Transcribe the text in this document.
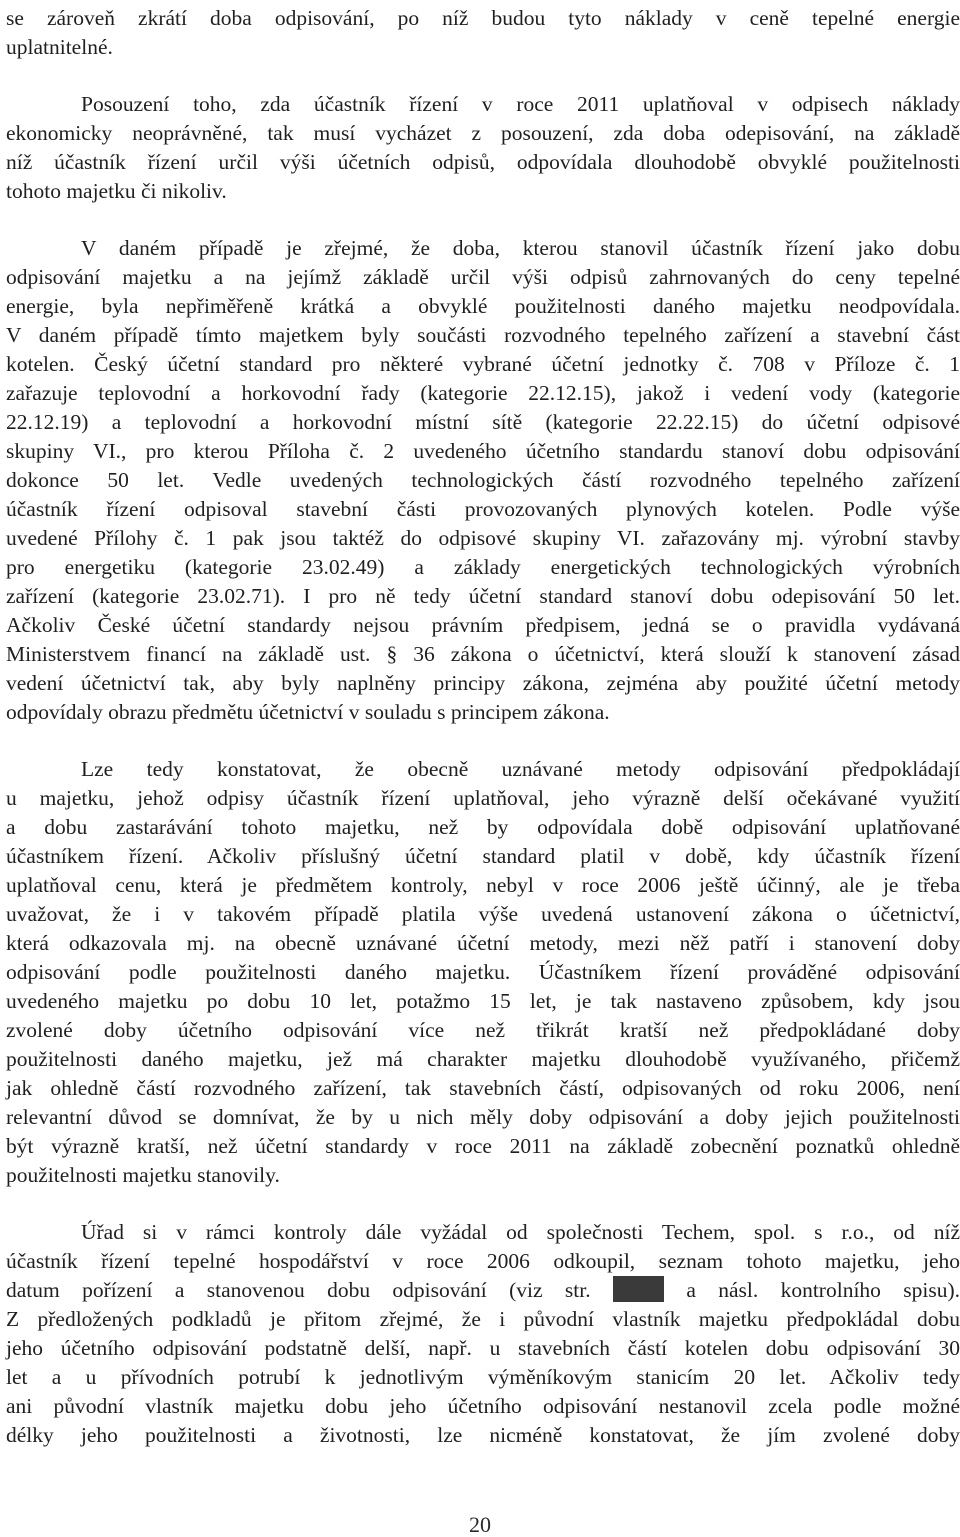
se zároveň zkrátí doba odpisování, po níž budou tyto náklady v ceně tepelné energie
uplatnitelné.

Posouzení toho, zda účastník řízení v roce 2011 uplatňoval v odpisech náklady
ekonomicky neoprávněné, tak musí vycházet z posouzení, zda doba odepisování, na základě
níž účastník řízení určil výši účetních odpisů, odpovídala dlouhodobě obvyklé použitelnosti
tohoto majetku či nikoliv.

V daném případě je zřejmé, že doba, kterou stanovil účastník řízení jako dobu
odpisování majetku a na jejímž základě určil výši odpisů zahrnovaných do ceny tepelné
energie, byla nepřiměřeně krátká a obvyklé použitelnosti daného majetku neodpovídala.
V daném případě tímto majetkem byly součásti rozvodného tepelného zařízení a stavební část
kotelen. Český účetní standard pro některé vybrané účetní jednotky č. 708 v Příloze č. 1
zařazuje teplovodní a horkovodní řady (kategorie 22.12.15), jakož i vedení vody (kategorie
22.12.19) a teplovodní a horkovodní místní sítě (kategorie 22.22.15) do účetní odpisové
skupiny VI., pro kterou Příloha č. 2 uvedeného účetního standardu stanoví dobu odpisování
dokonce 50 let. Vedle uvedených technologických částí rozvodného tepelného zařízení
účastník řízení odpisoval stavební části provozovaných plynových kotelen. Podle výše
uvedené Přílohy č. 1 pak jsou taktéž do odpisové skupiny VI. zařazovány mj. výrobní stavby
pro energetiku (kategorie 23.02.49) a základy energetických technologických výrobních
zařízení (kategorie 23.02.71). I pro ně tedy účetní standard stanoví dobu odepisování 50 let.
Ačkoliv České účetní standardy nejsou právním předpisem, jedná se o pravidla vydávaná
Ministerstvem financí na základě ust. § 36 zákona o účetnictví, která slouží k stanovení zásad
vedení účetnictví tak, aby byly naplněny principy zákona, zejména aby použité účetní metody
odpovídaly obrazu předmětu účetnictví v souladu s principem zákona.

Lze tedy konstatovat, že obecně uznávané metody odpisování předpokládají
u majetku, jehož odpisy účastník řízení uplatňoval, jeho výrazně delší očekávané využití
a dobu zastarávání tohoto majetku, než by odpovídala době odpisování uplatňované
účastníkem řízení. Ačkoliv příslušný účetní standard platil v době, kdy účastník řízení
uplatňoval cenu, která je předmětem kontroly, nebyl v roce 2006 ještě účinný, ale je třeba
uvažovat, že i v takovém případě platila výše uvedená ustanovení zákona o účetnictví,
která odkazovala mj. na obecně uznávané účetní metody, mezi něž patří i stanovení doby
odpisování podle použitelnosti daného majetku. Účastníkem řízení prováděné odpisování
uvedeného majetku po dobu 10 let, potažmo 15 let, je tak nastaveno způsobem, kdy jsou
zvolené doby účetního odpisování více než třikrát kratší než předpokládané doby
použitelnosti daného majetku, jež má charakter majetku dlouhodobě využívaného, přičemž
jak ohledně částí rozvodného zařízení, tak stavebních částí, odpisovaných od roku 2006, není
relevantní důvod se domnívat, že by u nich měly doby odpisování a doby jejich použitelnosti
být výrazně kratší, než účetní standardy v roce 2011 na základě zobecnění poznatků ohledně
použitelnosti majetku stanovily.

Úřad si v rámci kontroly dále vyžádal od společnosti Techem, spol. s r.o., od níž
účastník řízení tepelné hospodářství v roce 2006 odkoupil, seznam tohoto majetku, jeho
datum pořízení a stanovenou dobu odpisování (viz str.	a násl. kontrolního spisu).
Z předložených podkladů je přitom zřejmé, že i původní vlastník majetku předpokládal dobu
jeho účetního odpisování podstatně delší, např. u stavebních částí kotelen dobu odpisování 30
let a u přívodních potrubí k jednotlivým výměníkovým stanicím 20 let. Ačkoliv tedy
ani původní vlastník majetku dobu jeho účetního odpisování nestanovil zcela podle možné
délky jeho použitelnosti a životnosti, lze nicméně konstatovat, že jím zvolené doby

20
